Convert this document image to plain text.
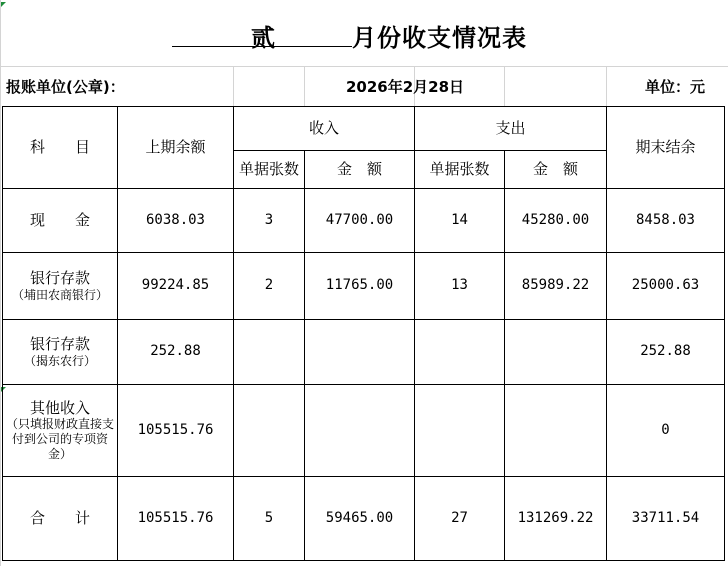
贰	月份收支情况表
报账单位(公章)：	2026年2月28日	单位：元
科　　目	上期余额	收入		支出		期末结余
		单据张数	金　额	单据张数	金　额	

现　　金	6038.03	3	47700.00	14	45280.00	8458.03

银行存款
（埔田农商银行）	99224.85	2	11765.00	13	85989.22	25000.63

银行存款
（揭东农行）	252.88					252.88

其他收入
（只填报财政直接支付到公司的专项资金）	105515.76					0

合　　计	105515.76	5	59465.00	27	131269.22	33711.54
